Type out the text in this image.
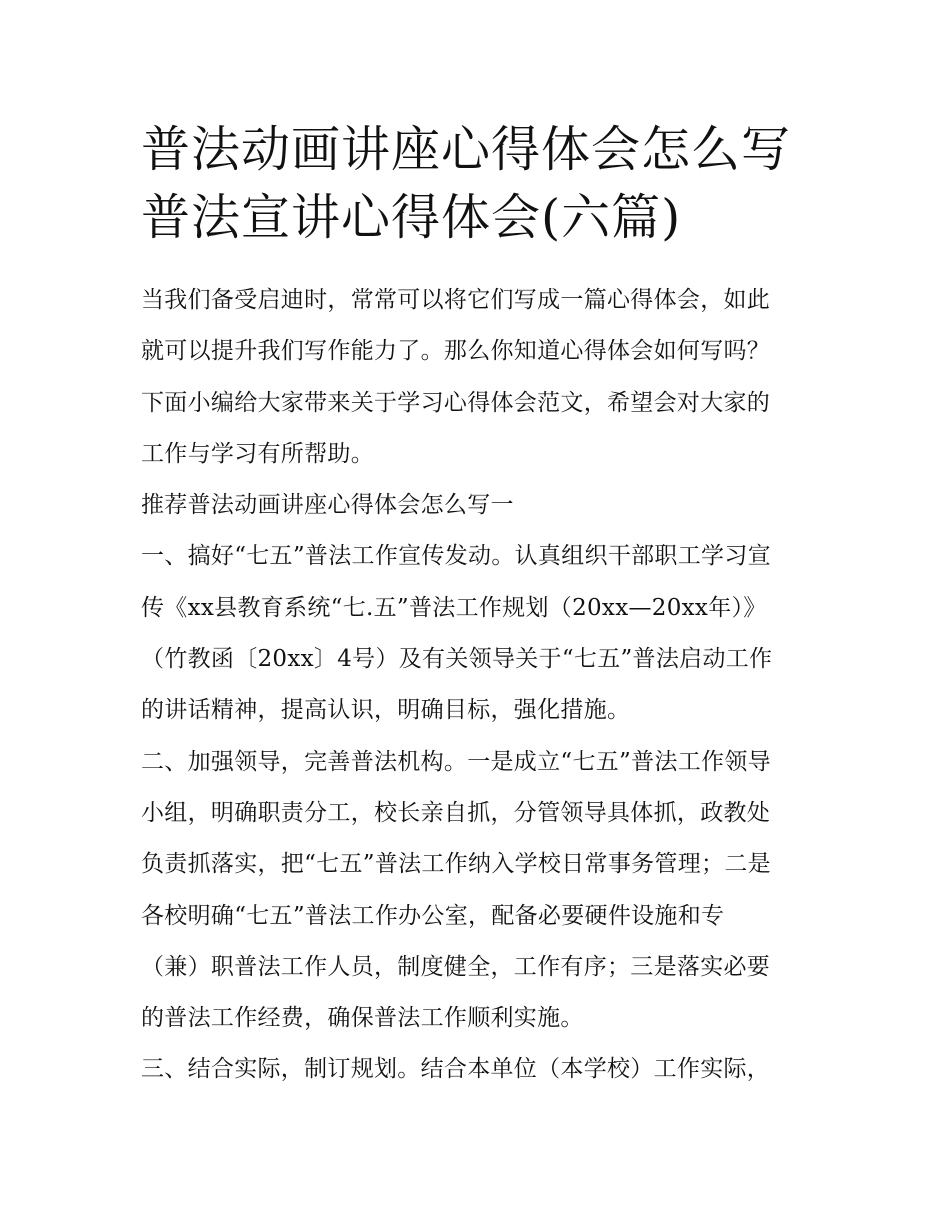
普法动画讲座心得体会怎么写
普法宣讲心得体会(六篇)
当我们备受启迪时，常常可以将它们写成一篇心得体会，如此
就可以提升我们写作能力了。那么你知道心得体会如何写吗？
下面小编给大家带来关于学习心得体会范文，希望会对大家的
工作与学习有所帮助。
推荐普法动画讲座心得体会怎么写一
一、搞好“七五”普法工作宣传发动。认真组织干部职工学习宣
传《xx县教育系统“七.五”普法工作规划（20xx—20xx年）》
（竹教函〔20xx〕4号）及有关领导关于“七五”普法启动工作
的讲话精神，提高认识，明确目标，强化措施。
二、加强领导，完善普法机构。一是成立“七五”普法工作领导
小组，明确职责分工，校长亲自抓，分管领导具体抓，政教处
负责抓落实，把“七五”普法工作纳入学校日常事务管理；二是
各校明确“七五”普法工作办公室，配备必要硬件设施和专
（兼）职普法工作人员，制度健全，工作有序；三是落实必要
的普法工作经费，确保普法工作顺利实施。
三、结合实际，制订规划。结合本单位（本学校）工作实际，
